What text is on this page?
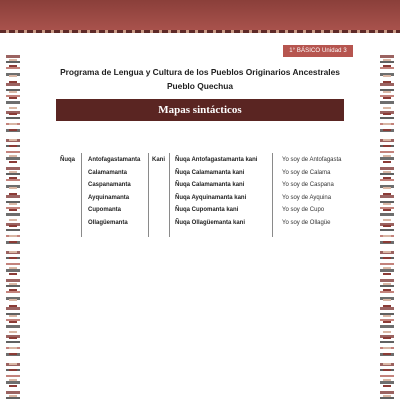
1° BÁSICO Unidad 3
Programa de Lengua y Cultura de los Pueblos Originarios Ancestrales
Pueblo Quechua
Mapas sintácticos
Ñuqa	Kani
Antofagastamanta
Calamamanta
Caspanamanta
Ayquinamanta
Cupomanta
Ollagüemanta
Ñuqa Antofagastamanta kani
Ñuqa Calamamanta kani
Ñuqa Calamamanta kani
Ñuqa Ayquinamanta kani
Ñuqa Cupomanta kani
Ñuqa Ollagüemanta kani
Yo soy de Antofagasta
Yo soy de Calama
Yo soy de Caspana
Yo soy de Ayquina
Yo soy de Cupo
Yo soy de Ollagüe
